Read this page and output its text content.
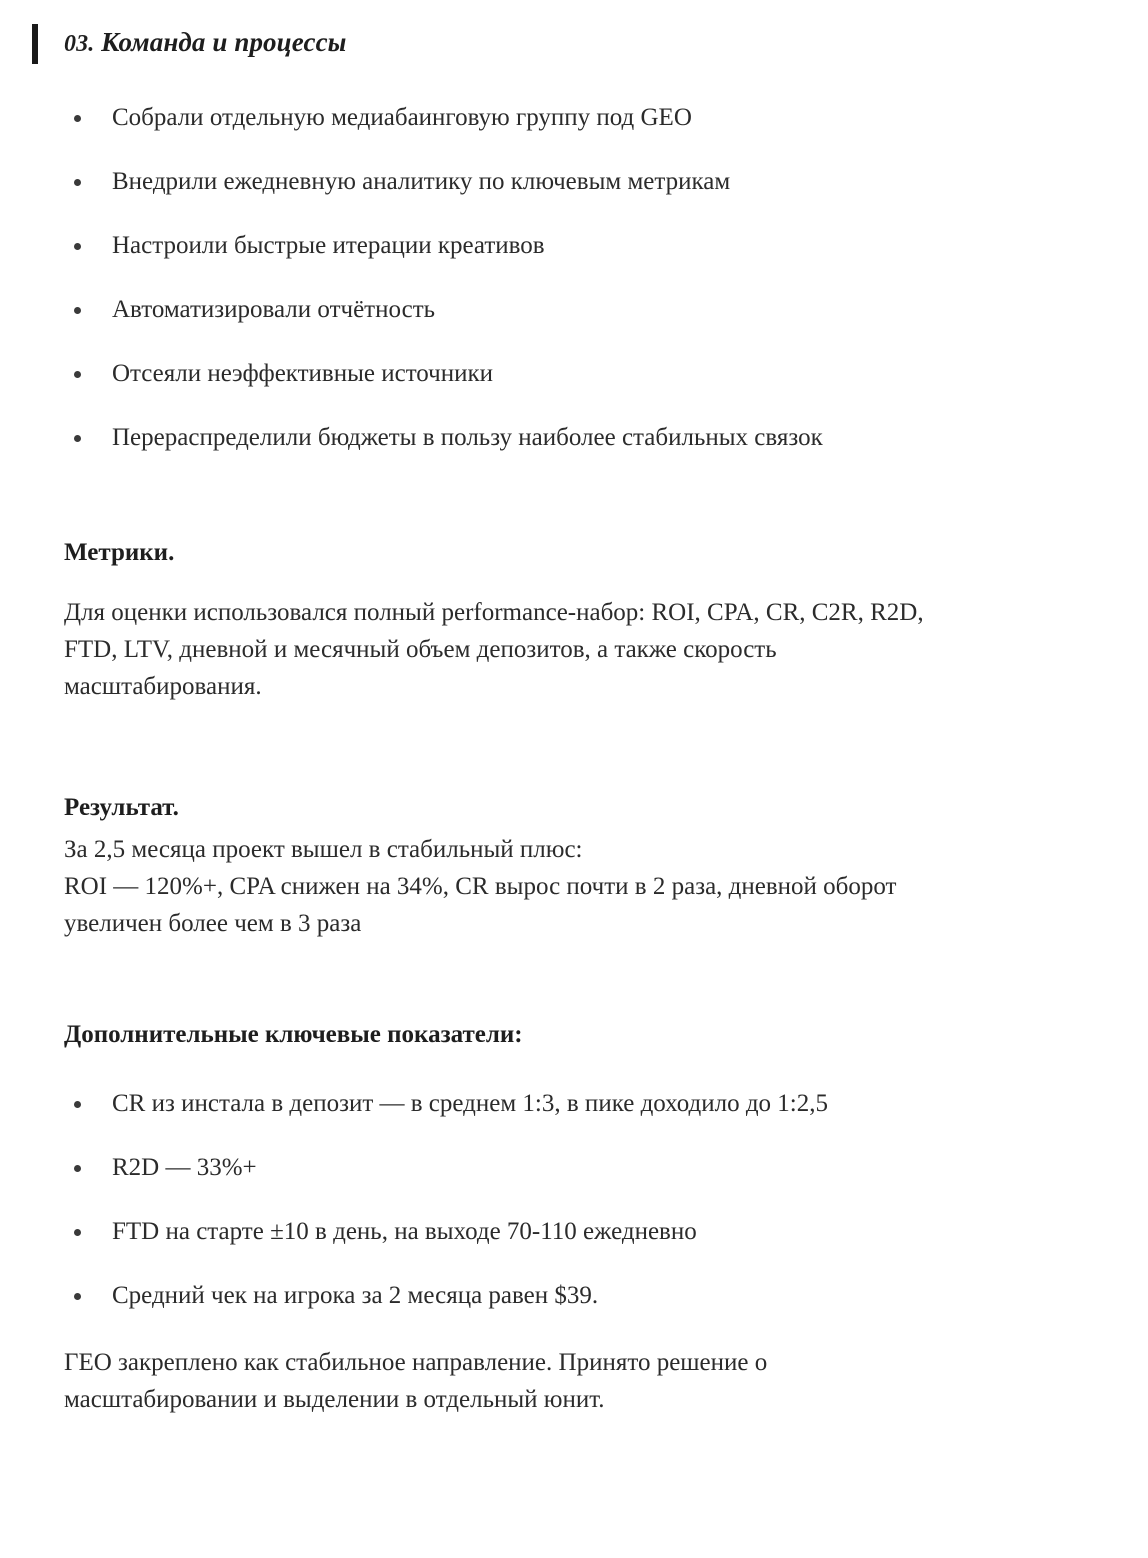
03. Команда и процессы
Собрали отдельную медиабаинговую группу под GEO
Внедрили ежедневную аналитику по ключевым метрикам
Настроили быстрые итерации креативов
Автоматизировали отчётность
Отсеяли неэффективные источники
Перераспределили бюджеты в пользу наиболее стабильных связок
Метрики.
Для оценки использовался полный performance-набор: ROI, CPA, CR, C2R, R2D,
FTD, LTV, дневной и месячный объем депозитов, а также скорость
масштабирования.
Результат.
За 2,5 месяца проект вышел в стабильный плюс:
ROI — 120%+, CPA снижен на 34%, CR вырос почти в 2 раза, дневной оборот
увеличен более чем в 3 раза
Дополнительные ключевые показатели:
CR из инстала в депозит — в среднем 1:3, в пике доходило до 1:2,5
R2D — 33%+
FTD на старте ±10 в день, на выходе 70-110 ежедневно
Средний чек на игрока за 2 месяца равен $39.
ГЕО закреплено как стабильное направление. Принято решение о
масштабировании и выделении в отдельный юнит.
